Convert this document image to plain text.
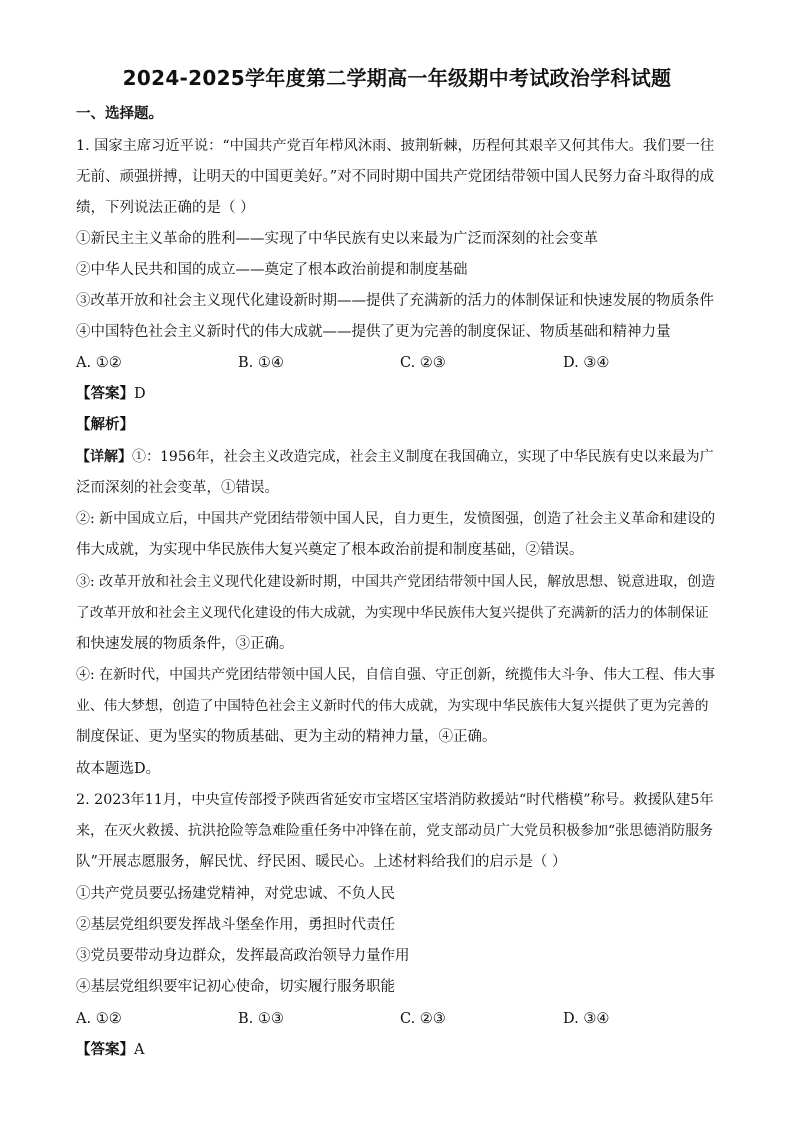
2024-2025学年度第二学期高一年级期中考试政治学科试题
一、选择题。
1. 国家主席习近平说：“中国共产党百年栉风沐雨、披荆斩棘，历程何其艰辛又何其伟大。我们要一往
无前、顽强拼搏，让明天的中国更美好。”对不同时期中国共产党团结带领中国人民努力奋斗取得的成
绩，下列说法正确的是（ ）
①新民主主义革命的胜利——实现了中华民族有史以来最为广泛而深刻的社会变革
②中华人民共和国的成立——奠定了根本政治前提和制度基础
③改革开放和社会主义现代化建设新时期——提供了充满新的活力的体制保证和快速发展的物质条件
④中国特色社会主义新时代的伟大成就——提供了更为完善的制度保证、物质基础和精神力量
A. ①②	B. ①④	C. ②③	D. ③④
【答案】D
【解析】
【详解】①：1956年，社会主义改造完成，社会主义制度在我国确立，实现了中华民族有史以来最为广
泛而深刻的社会变革，①错误。
②: 新中国成立后，中国共产党团结带领中国人民，自力更生，发愤图强，创造了社会主义革命和建设的
伟大成就，为实现中华民族伟大复兴奠定了根本政治前提和制度基础，②错误。
③: 改革开放和社会主义现代化建设新时期，中国共产党团结带领中国人民，解放思想、锐意进取，创造
了改革开放和社会主义现代化建设的伟大成就，为实现中华民族伟大复兴提供了充满新的活力的体制保证
和快速发展的物质条件，③正确。
④: 在新时代，中国共产党团结带领中国人民，自信自强、守正创新，统揽伟大斗争、伟大工程、伟大事
业、伟大梦想，创造了中国特色社会主义新时代的伟大成就，为实现中华民族伟大复兴提供了更为完善的
制度保证、更为坚实的物质基础、更为主动的精神力量，④正确。
故本题选D。
2. 2023年11月，中央宣传部授予陕西省延安市宝塔区宝塔消防救援站“时代楷模”称号。救援队建5年
来，在灭火救援、抗洪抢险等急难险重任务中冲锋在前，党支部动员广大党员积极参加“张思德消防服务
队”开展志愿服务，解民忧、纾民困、暖民心。上述材料给我们的启示是（ ）
①共产党员要弘扬建党精神，对党忠诚、不负人民
②基层党组织要发挥战斗堡垒作用，勇担时代责任
③党员要带动身边群众，发挥最高政治领导力量作用
④基层党组织要牢记初心使命，切实履行服务职能
A. ①②	B. ①③	C. ②③	D. ③④
【答案】A
